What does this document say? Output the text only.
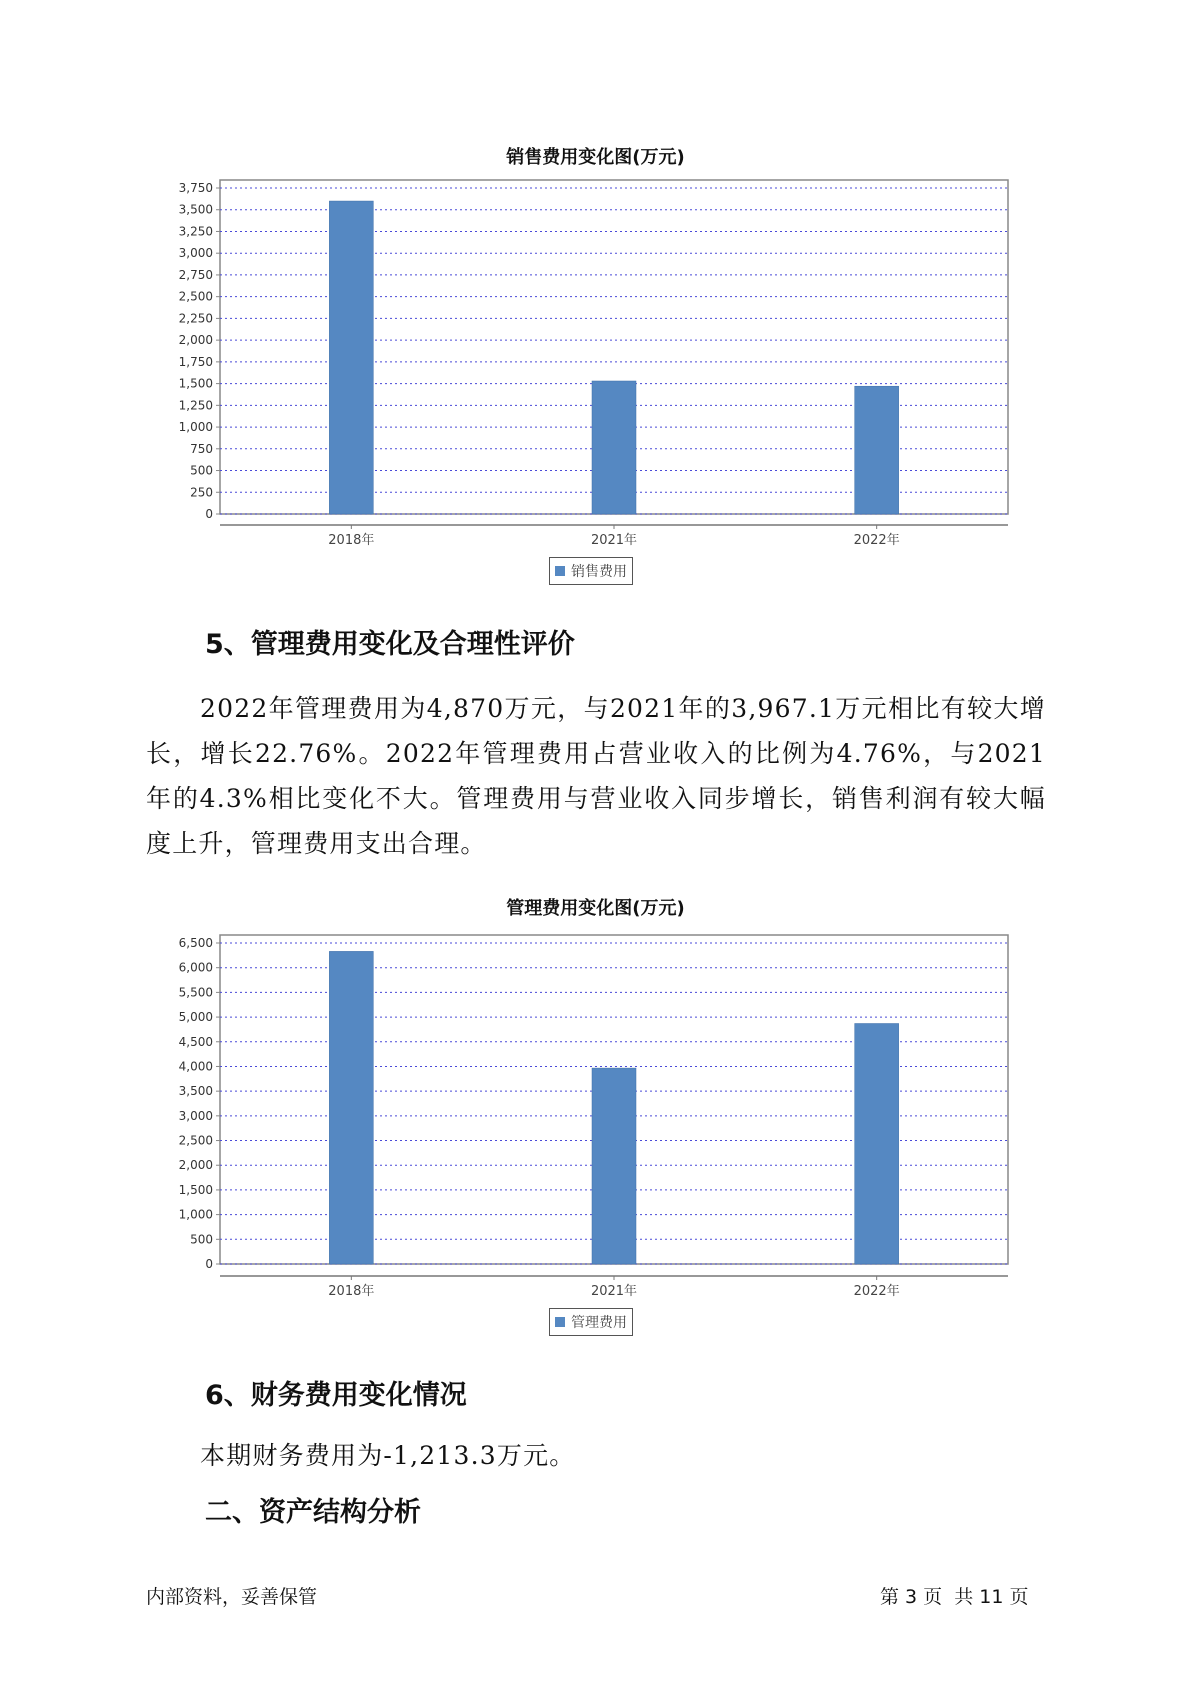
销售费用变化图(万元)
0
250
500
750
1,000
1,250
1,500
1,750
2,000
2,250
2,500
2,750
3,000
3,250
3,500
3,750
2018年	2021年	2022年
销售费用
5、管理费用变化及合理性评价

2022年管理费用为4,870万元，与2021年的3,967.1万元相比有较大增长，增长22.76%。2022年管理费用占营业收入的比例为4.76%，与2021年的4.3%相比变化不大。管理费用与营业收入同步增长，销售利润有较大幅度上升，管理费用支出合理。

管理费用变化图(万元)
0
500
1,000
1,500
2,000
2,500
3,000
3,500
4,000
4,500
5,000
5,500
6,000
6,500
2018年	2021年	2022年
管理费用
6、财务费用变化情况
本期财务费用为-1,213.3万元。
二、资产结构分析
内部资料，妥善保管	第 3 页  共 11 页
